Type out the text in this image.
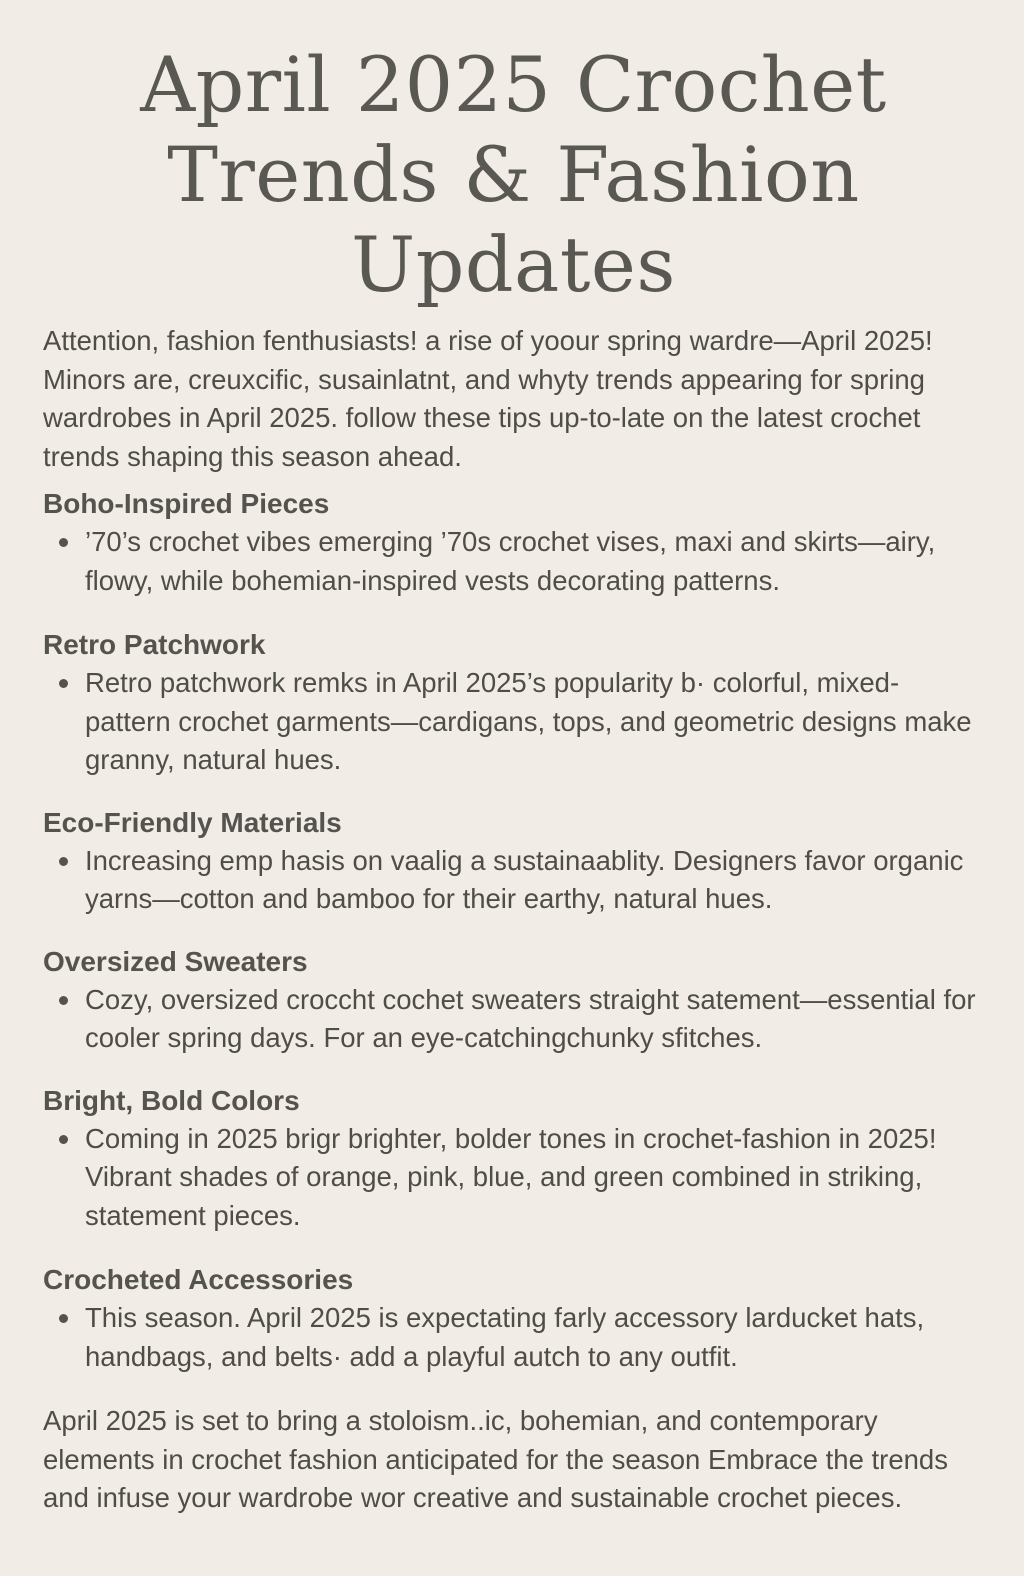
April 2025 Crochet
Trends & Fashion Updates

Attention, fashion fenthusiasts! a rise of yoour spring wardre—April 2025! Minors are, creuxcific, susainlatnt, and whyty trends appearing for spring wardrobes in April 2025. follow these tips up-to-late on the latest crochet trends shaping this season ahead.

Boho-Inspired Pieces
’70’s crochet vibes emerging ’70s crochet vises, maxi and skirts—airy, flowy, while bohemian-inspired vests decorating patterns.
Retro Patchwork
Retro patchwork remks in April 2025’s popularity b· colorful, mixed-pattern crochet garments—cardigans, tops, and geometric designs make granny, natural hues.
Eco-Friendly Materials
Increasing emp hasis on vaalig a sustainaablity. Designers favor organic yarns—cotton and bamboo for their earthy, natural hues.
Oversized Sweaters
Cozy, oversized croccht cochet sweaters straight satement—essential for cooler spring days. For an eye-catchingchunky sfitches.
Bright, Bold Colors
Coming in 2025 brigr brighter, bolder tones in crochet-fashion in 2025! Vibrant shades of orange, pink, blue, and green combined in striking, statement pieces.
Crocheted Accessories
This season. April 2025 is expectating farly accessory larducket hats, handbags, and belts· add a playful autch to any outfit.

April 2025 is set to bring a stoloism..ic, bohemian, and contemporary elements in crochet fashion anticipated for the season Embrace the trends and infuse your wardrobe wor creative and sustainable crochet pieces.
